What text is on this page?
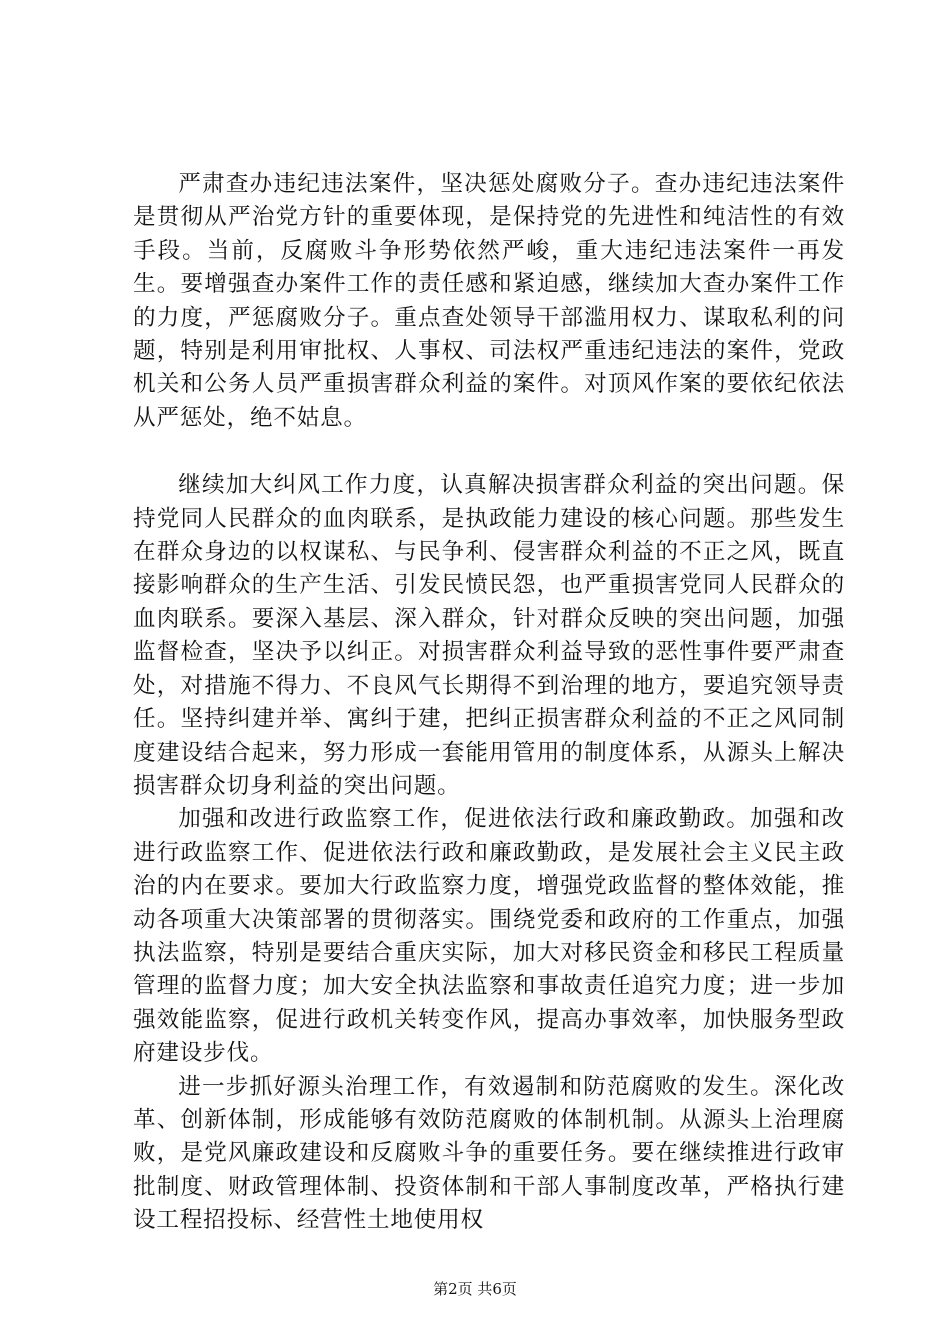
严肃查办违纪违法案件，坚决惩处腐败分子。查办违纪违法案件是贯彻从严治党方针的重要体现，是保持党的先进性和纯洁性的有效手段。当前，反腐败斗争形势依然严峻，重大违纪违法案件一再发生。要增强查办案件工作的责任感和紧迫感，继续加大查办案件工作的力度，严惩腐败分子。重点查处领导干部滥用权力、谋取私利的问题，特别是利用审批权、人事权、司法权严重违纪违法的案件，党政机关和公务人员严重损害群众利益的案件。对顶风作案的要依纪依法从严惩处，绝不姑息。

继续加大纠风工作力度，认真解决损害群众利益的突出问题。保持党同人民群众的血肉联系，是执政能力建设的核心问题。那些发生在群众身边的以权谋私、与民争利、侵害群众利益的不正之风，既直接影响群众的生产生活、引发民愤民怨，也严重损害党同人民群众的血肉联系。要深入基层、深入群众，针对群众反映的突出问题，加强监督检查，坚决予以纠正。对损害群众利益导致的恶性事件要严肃查处，对措施不得力、不良风气长期得不到治理的地方，要追究领导责任。坚持纠建并举、寓纠于建，把纠正损害群众利益的不正之风同制度建设结合起来，努力形成一套能用管用的制度体系，从源头上解决损害群众切身利益的突出问题。

加强和改进行政监察工作，促进依法行政和廉政勤政。加强和改进行政监察工作、促进依法行政和廉政勤政，是发展社会主义民主政治的内在要求。要加大行政监察力度，增强党政监督的整体效能，推动各项重大决策部署的贯彻落实。围绕党委和政府的工作重点，加强执法监察，特别是要结合重庆实际，加大对移民资金和移民工程质量管理的监督力度；加大安全执法监察和事故责任追究力度；进一步加强效能监察，促进行政机关转变作风，提高办事效率，加快服务型政府建设步伐。

进一步抓好源头治理工作，有效遏制和防范腐败的发生。深化改革、创新体制，形成能够有效防范腐败的体制机制。从源头上治理腐败，是党风廉政建设和反腐败斗争的重要任务。要在继续推进行政审批制度、财政管理体制、投资体制和干部人事制度改革，严格执行建设工程招投标、经营性土地使用权

第2页 共6页
